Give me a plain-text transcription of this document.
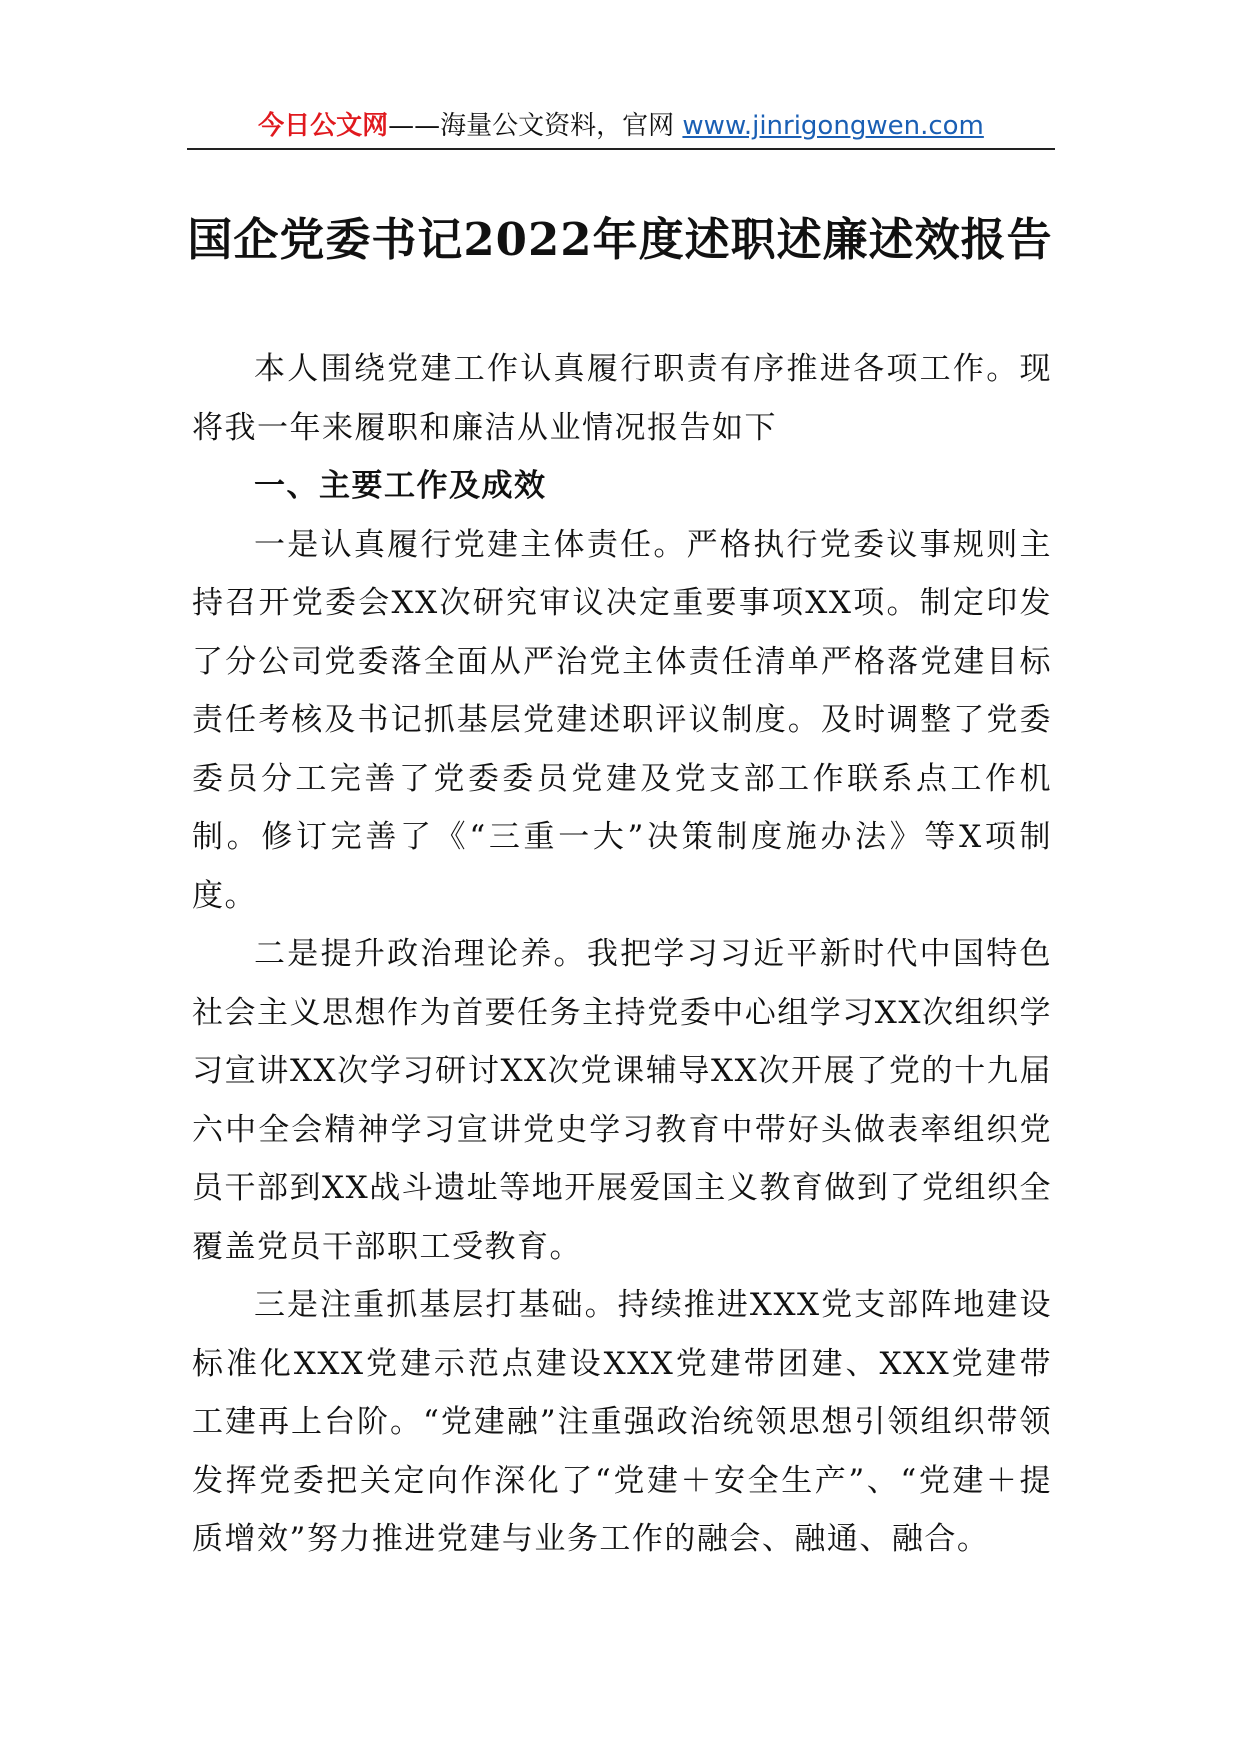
今日公文网——海量公文资料，官网 www.jinrigongwen.com
国企党委书记2022年度述职述廉述效报告

本人围绕党建工作认真履行职责有序推进各项工作。现将我一年来履职和廉洁从业情况报告如下

一、主要工作及成效

一是认真履行党建主体责任。严格执行党委议事规则主持召开党委会XX次研究审议决定重要事项XX项。制定印发了分公司党委落全面从严治党主体责任清单严格落党建目标责任考核及书记抓基层党建述职评议制度。及时调整了党委委员分工完善了党委委员党建及党支部工作联系点工作机制。修订完善了《“三重一大”决策制度施办法》等X项制度。

二是提升政治理论养。我把学习习近平新时代中国特色社会主义思想作为首要任务主持党委中心组学习XX次组织学习宣讲XX次学习研讨XX次党课辅导XX次开展了党的十九届六中全会精神学习宣讲党史学习教育中带好头做表率组织党员干部到XX战斗遗址等地开展爱国主义教育做到了党组织全覆盖党员干部职工受教育。

三是注重抓基层打基础。持续推进XXX党支部阵地建设标准化XXX党建示范点建设XXX党建带团建、XXX党建带工建再上台阶。“党建融”注重强政治统领思想引领组织带领发挥党委把关定向作深化了“党建＋安全生产”、“党建＋提质增效”努力推进党建与业务工作的融会、融通、融合。
